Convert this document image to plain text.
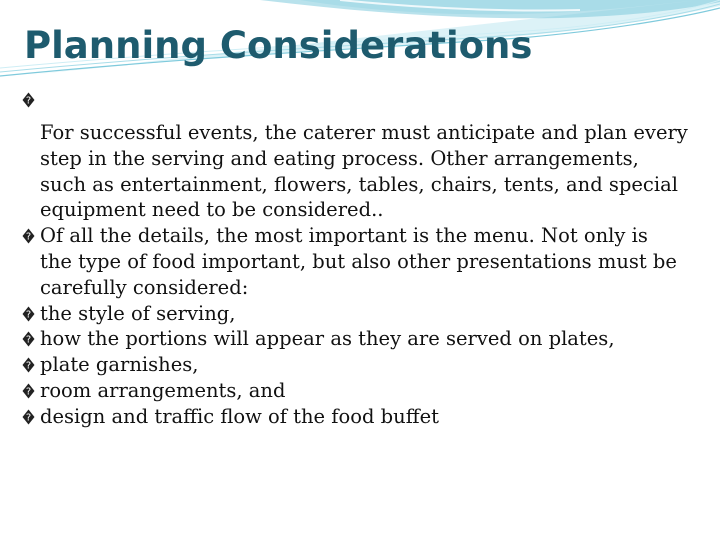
Planning Considerations
?
For successful events, the caterer must anticipate and plan every
step in the serving and eating process. Other arrangements,
such as entertainment, flowers, tables, chairs, tents, and special
equipment need to be considered..
? Of all the details, the most important is the menu. Not only is
the type of food important, but also other presentations must be
carefully considered:
? the style of serving,
? how the portions will appear as they are served on plates,
? plate garnishes,
? room arrangements, and
? design and traffic flow of the food buffet
